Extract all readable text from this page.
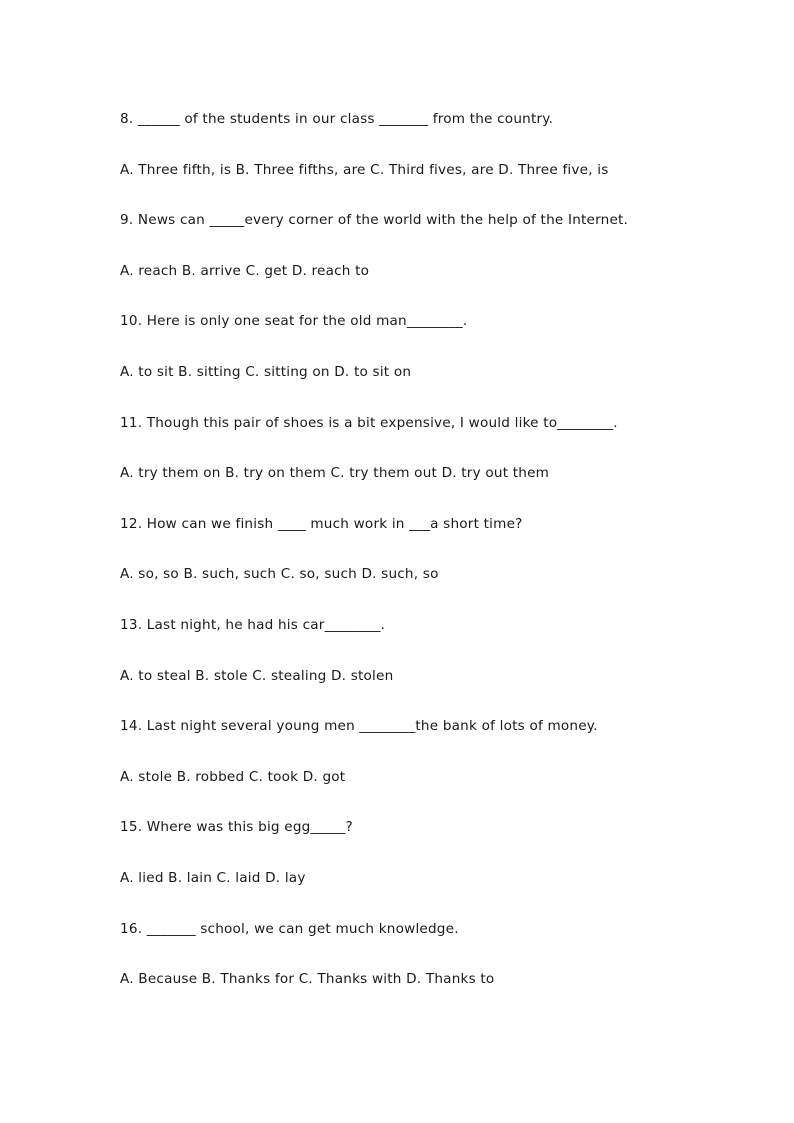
8. ______ of the students in our class _______ from the country.
A. Three fifth, is B. Three fifths, are C. Third fives, are D. Three five, is
9. News can _____every corner of the world with the help of the Internet.
A. reach B. arrive C. get D. reach to
10. Here is only one seat for the old man________.
A. to sit B. sitting C. sitting on D. to sit on
11. Though this pair of shoes is a bit expensive, I would like to________.
A. try them on B. try on them C. try them out D. try out them
12. How can we finish ____ much work in ___a short time?
A. so, so B. such, such C. so, such D. such, so
13. Last night, he had his car________.
A. to steal B. stole C. stealing D. stolen
14. Last night several young men ________the bank of lots of money.
A. stole B. robbed C. took D. got
15. Where was this big egg_____?
A. lied B. lain C. laid D. lay
16. _______ school, we can get much knowledge.
A. Because B. Thanks for C. Thanks with D. Thanks to
